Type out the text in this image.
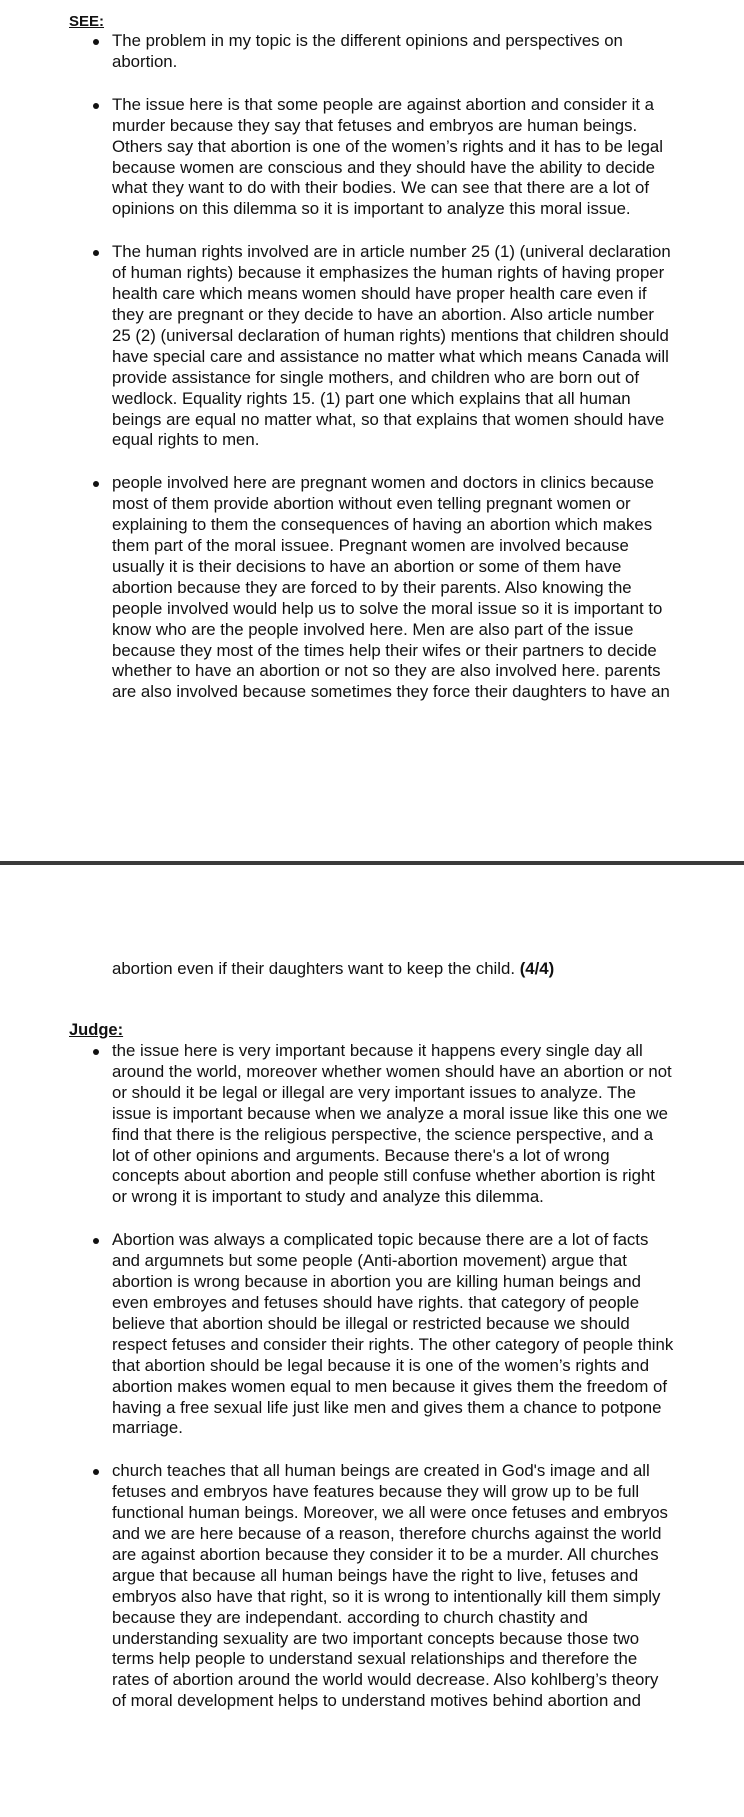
SEE:
The problem in my topic is the different opinions and perspectives on abortion.
The issue here is that some people are against abortion and consider it a murder because they say that fetuses and embryos are human beings. Others say that abortion is one of the women’s rights and it has to be legal because women are conscious and they should have the ability to decide what they want to do with their bodies. We can see that there are a lot of opinions on this dilemma so it is important to analyze this moral issue.
The human rights involved are in article number 25 (1) (univeral declaration of human rights) because it emphasizes the human rights of having proper health care which means women should have proper health care even if they are pregnant or they decide to have an abortion. Also article number 25 (2) (universal declaration of human rights) mentions that children should have special care and assistance no matter what which means Canada will provide assistance for single mothers, and children who are born out of wedlock. Equality rights 15. (1) part one which explains that all human beings are equal no matter what, so that explains that women should have equal rights to men.
people involved here are pregnant women and doctors in clinics because most of them provide abortion without even telling pregnant women or explaining to them the consequences of having an abortion which makes them part of the moral issuee. Pregnant women are involved because usually it is their decisions to have an abortion or some of them have abortion because they are forced to by their parents. Also knowing the people involved would help us to solve the moral issue so it is important to know who are the people involved here. Men are also part of the issue because they most of the times help their wifes or their partners to decide whether to have an abortion or not so they are also involved here. parents are also involved because sometimes they force their daughters to have an

abortion even if their daughters want to keep the child. (4/4)

Judge:
the issue here is very important because it happens every single day all around the world, moreover whether women should have an abortion or not or should it be legal or illegal are very important issues to analyze. The issue is important because when we analyze a moral issue like this one we find that there is the religious perspective, the science perspective, and a lot of other opinions and arguments. Because there's a lot of wrong concepts about abortion and people still confuse whether abortion is right or wrong it is important to study and analyze this dilemma.
Abortion was always a complicated topic because there are a lot of facts and argumnets but some people (Anti-abortion movement) argue that abortion is wrong because in abortion you are killing human beings and even embroyes and fetuses should have rights. that category of people believe that abortion should be illegal or restricted because we should respect fetuses and consider their rights. The other category of people think that abortion should be legal because it is one of the women’s rights and abortion makes women equal to men because it gives them the freedom of having a free sexual life just like men and gives them a chance to potpone marriage.
church teaches that all human beings are created in God's image and all fetuses and embryos have features because they will grow up to be full functional human beings. Moreover, we all were once fetuses and embryos and we are here because of a reason, therefore churchs against the world are against abortion because they consider it to be a murder. All churches argue that because all human beings have the right to live, fetuses and embryos also have that right, so it is wrong to intentionally kill them simply because they are independant. according to church chastity and understanding sexuality are two important concepts because those two terms help people to understand sexual relationships and therefore the rates of abortion around the world would decrease. Also kohlberg’s theory of moral development helps to understand motives behind abortion and
